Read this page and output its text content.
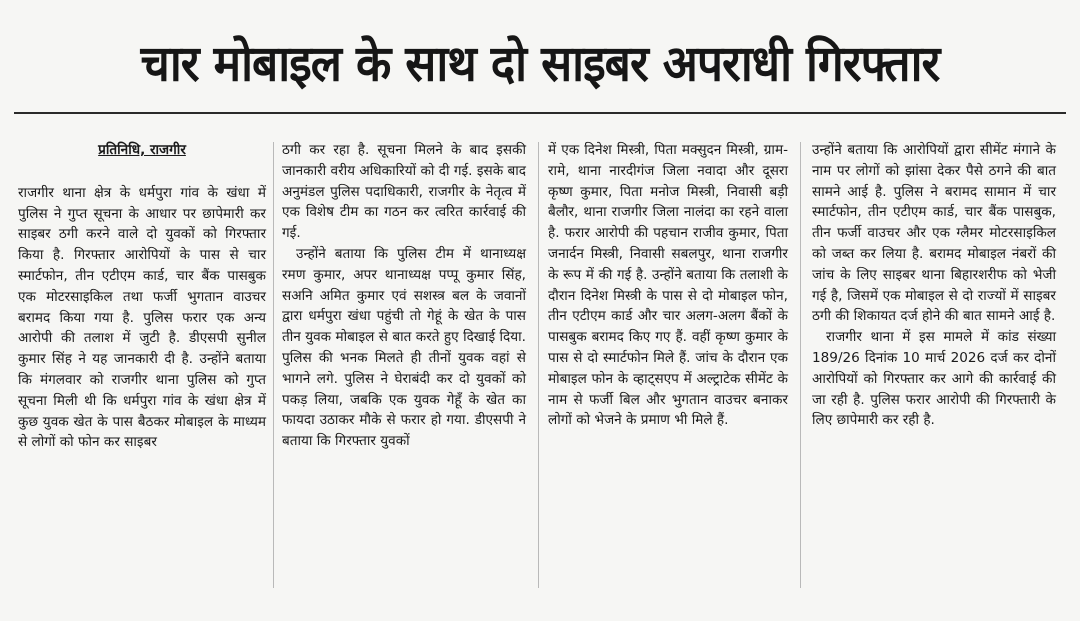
चार मोबाइल के साथ दो साइबर अपराधी गिरफ्तार
प्रतिनिधि, राजगीर

राजगीर थाना क्षेत्र के धर्मपुरा गांव के खंधा में पुलिस ने गुप्त सूचना के आधार पर छापेमारी कर साइबर ठगी करने वाले दो युवकों को गिरफ्तार किया है. गिरफ्तार आरोपियों के पास से चार स्मार्टफोन, तीन एटीएम कार्ड, चार बैंक पासबुक एक मोटरसाइकिल तथा फर्जी भुगतान वाउचर बरामद किया गया है. पुलिस फरार एक अन्य आरोपी की तलाश में जुटी है. डीएसपी सुनील कुमार सिंह ने यह जानकारी दी है. उन्होंने बताया कि मंगलवार को राजगीर थाना पुलिस को गुप्त सूचना मिली थी कि धर्मपुरा गांव के खंधा क्षेत्र में कुछ युवक खेत के पास बैठकर मोबाइल के माध्यम से लोगों को फोन कर साइबर

ठगी कर रहा है. सूचना मिलने के बाद इसकी जानकारी वरीय अधिकारियों को दी गई. इसके बाद अनुमंडल पुलिस पदाधिकारी, राजगीर के नेतृत्व में एक विशेष टीम का गठन कर त्वरित कार्रवाई की गई.

उन्होंने बताया कि पुलिस टीम में थानाध्यक्ष रमण कुमार, अपर थानाध्यक्ष पप्पू कुमार सिंह, सअनि अमित कुमार एवं सशस्त्र बल के जवानों द्वारा धर्मपुरा खंधा पहुंची तो गेहूं के खेत के पास तीन युवक मोबाइल से बात करते हुए दिखाई दिया. पुलिस की भनक मिलते ही तीनों युवक वहां से भागने लगे. पुलिस ने घेराबंदी कर दो युवकों को पकड़ लिया, जबकि एक युवक गेहूँ के खेत का फायदा उठाकर मौके से फरार हो गया. डीएसपी ने बताया कि गिरफ्तार युवकों

में एक दिनेश मिस्त्री, पिता मक्सुदन मिस्त्री, ग्राम- रामे, थाना नारदीगंज जिला नवादा और दूसरा कृष्ण कुमार, पिता मनोज मिस्त्री, निवासी बड़ी बैलौर, थाना राजगीर जिला नालंदा का रहने वाला है. फरार आरोपी की पहचान राजीव कुमार, पिता जनार्दन मिस्त्री, निवासी सबलपुर, थाना राजगीर के रूप में की गई है. उन्होंने बताया कि तलाशी के दौरान दिनेश मिस्त्री के पास से दो मोबाइल फोन, तीन एटीएम कार्ड और चार अलग-अलग बैंकों के पासबुक बरामद किए गए हैं. वहीं कृष्ण कुमार के पास से दो स्मार्टफोन मिले हैं. जांच के दौरान एक मोबाइल फोन के व्हाट्सएप में अल्ट्राटेक सीमेंट के नाम से फर्जी बिल और भुगतान वाउचर बनाकर लोगों को भेजने के प्रमाण भी मिले हैं.

उन्होंने बताया कि आरोपियों द्वारा सीमेंट मंगाने के नाम पर लोगों को झांसा देकर पैसे ठगने की बात सामने आई है. पुलिस ने बरामद सामान में चार स्मार्टफोन, तीन एटीएम कार्ड, चार बैंक पासबुक, तीन फर्जी वाउचर और एक ग्लैमर मोटरसाइकिल को जब्त कर लिया है. बरामद मोबाइल नंबरों की जांच के लिए साइबर थाना बिहारशरीफ को भेजी गई है, जिसमें एक मोबाइल से दो राज्यों में साइबर ठगी की शिकायत दर्ज होने की बात सामने आई है.

राजगीर थाना में इस मामले में कांड संख्या 189/26 दिनांक 10 मार्च 2026 दर्ज कर दोनों आरोपियों को गिरफ्तार कर आगे की कार्रवाई की जा रही है. पुलिस फरार आरोपी की गिरफ्तारी के लिए छापेमारी कर रही है.
